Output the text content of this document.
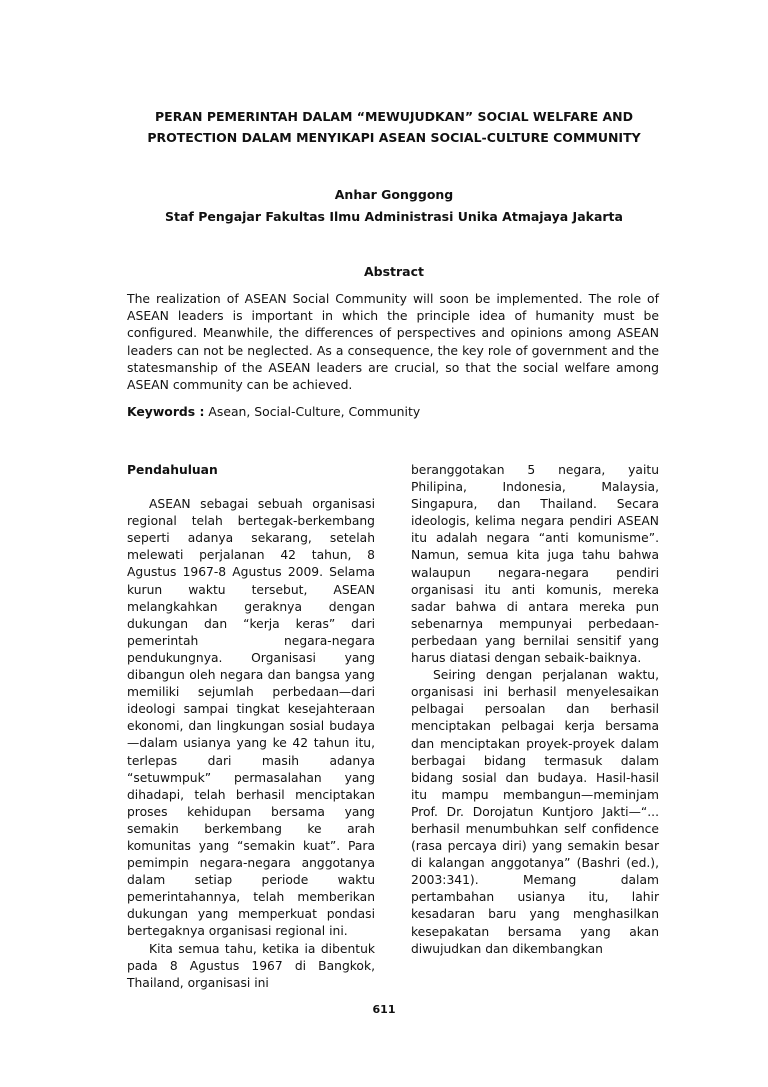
PERAN PEMERINTAH DALAM “MEWUJUDKAN” SOCIAL WELFARE AND
PROTECTION DALAM MENYIKAPI ASEAN SOCIAL-CULTURE COMMUNITY
Anhar Gonggong
Staf Pengajar Fakultas Ilmu Administrasi Unika Atmajaya Jakarta
Abstract
The realization of ASEAN Social Community will soon be implemented. The role of ASEAN leaders is important in which the principle idea of humanity must be configured. Meanwhile, the differences of perspectives and opinions among ASEAN leaders can not be neglected. As a consequence, the key role of government and the statesmanship of the ASEAN leaders are crucial, so that the social welfare among ASEAN community can be achieved.
Keywords : Asean, Social-Culture, Community

Pendahuluan

ASEAN sebagai sebuah organisasi regional telah bertegak-berkembang seperti adanya sekarang, setelah melewati perjalanan 42 tahun, 8 Agustus 1967-8 Agustus 2009. Selama kurun waktu tersebut, ASEAN melangkahkan geraknya dengan dukungan dan “kerja keras” dari pemerintah negara-negara pendukungnya. Organisasi yang dibangun oleh negara dan bangsa yang memiliki sejumlah perbedaan—dari ideologi sampai tingkat kesejahteraan ekonomi, dan lingkungan sosial budaya—dalam usianya yang ke 42 tahun itu, terlepas dari masih adanya “setuwmpuk” permasalahan yang dihadapi, telah berhasil menciptakan proses kehidupan bersama yang semakin berkembang ke arah komunitas yang “semakin kuat”. Para pemimpin negara-negara anggotanya dalam setiap periode waktu pemerintahannya, telah memberikan dukungan yang memperkuat pondasi bertegaknya organisasi regional ini.

Kita semua tahu, ketika ia dibentuk pada 8 Agustus 1967 di Bangkok, Thailand, organisasi ini

beranggotakan 5 negara, yaitu Philipina, Indonesia, Malaysia, Singapura, dan Thailand. Secara ideologis, kelima negara pendiri ASEAN itu adalah negara “anti komunisme”. Namun, semua kita juga tahu bahwa walaupun negara-negara pendiri organisasi itu anti komunis, mereka sadar bahwa di antara mereka pun sebenarnya mempunyai perbedaan-perbedaan yang bernilai sensitif yang harus diatasi dengan sebaik-baiknya.

Seiring dengan perjalanan waktu, organisasi ini berhasil menyelesaikan pelbagai persoalan dan berhasil menciptakan pelbagai kerja bersama dan menciptakan proyek-proyek dalam berbagai bidang termasuk dalam bidang sosial dan budaya. Hasil-hasil itu mampu membangun—meminjam Prof. Dr. Dorojatun Kuntjoro Jakti—“... berhasil menumbuhkan self confidence (rasa percaya diri) yang semakin besar di kalangan anggotanya” (Bashri (ed.), 2003:341). Memang dalam pertambahan usianya itu, lahir kesadaran baru yang menghasilkan kesepakatan bersama yang akan diwujudkan dan dikembangkan

611
